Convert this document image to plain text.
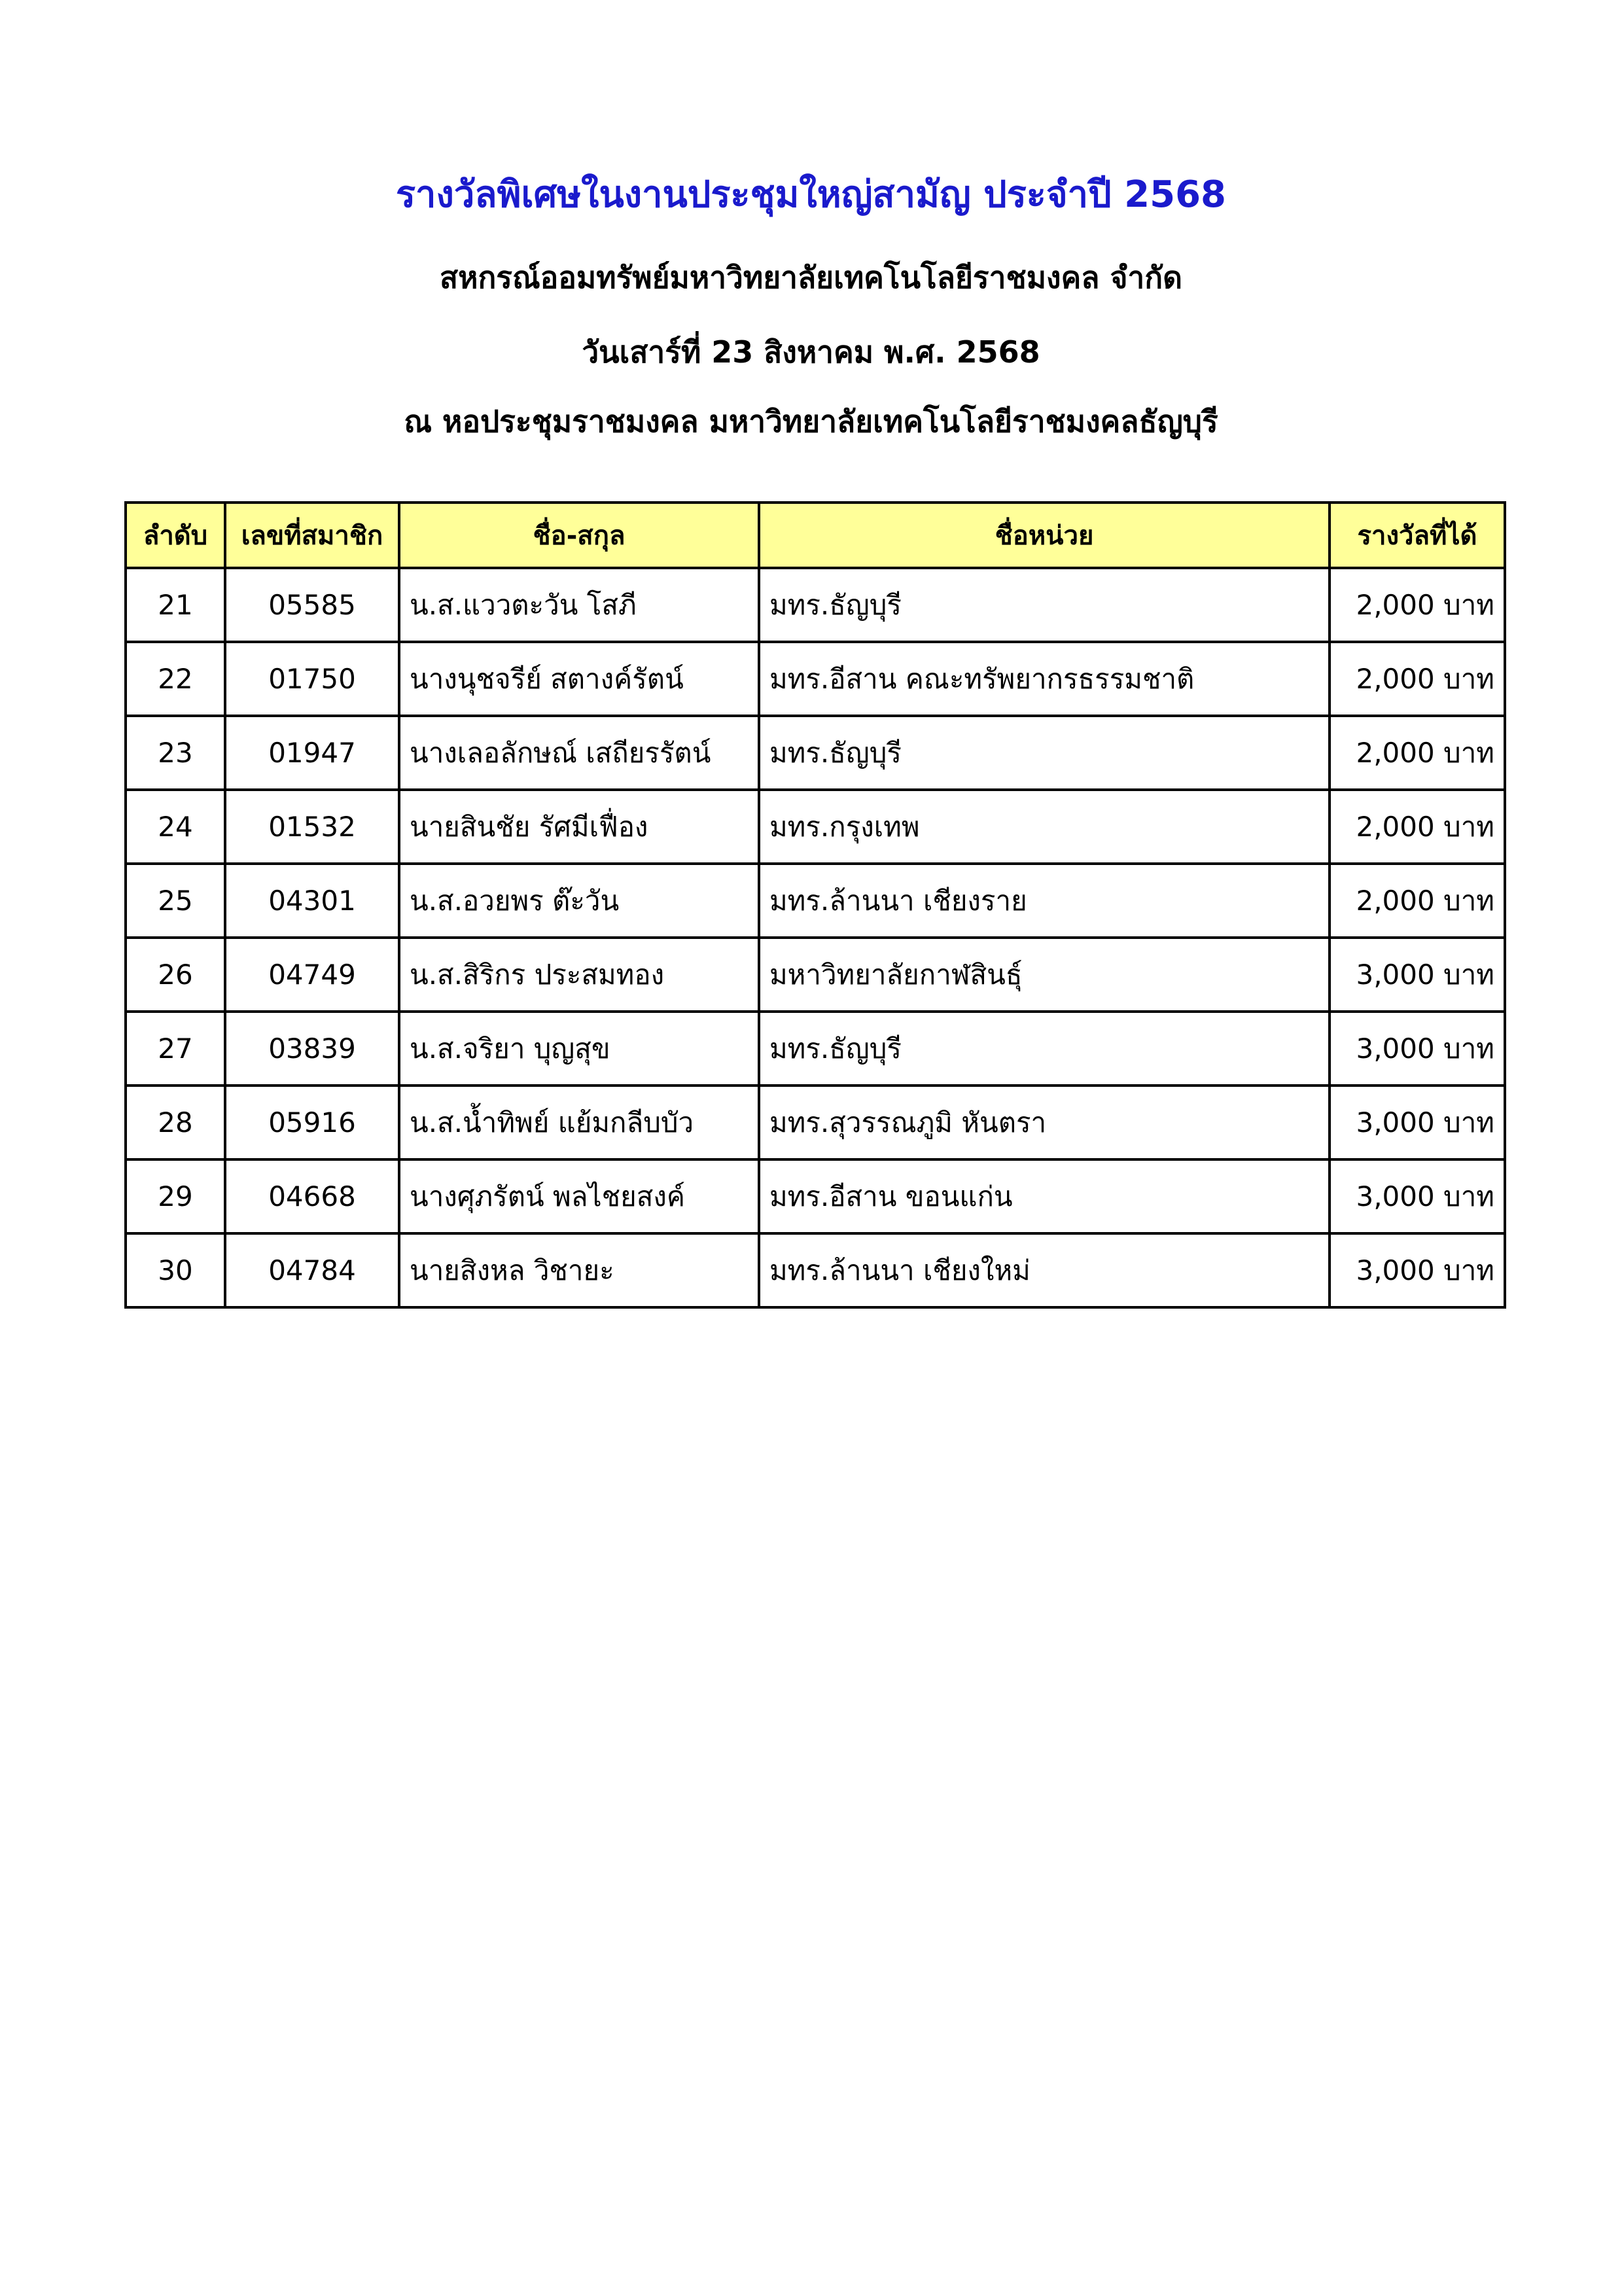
รางวัลพิเศษในงานประชุมใหญ่สามัญ ประจำปี 2568
สหกรณ์ออมทรัพย์มหาวิทยาลัยเทคโนโลยีราชมงคล จำกัด
วันเสาร์ที่ 23 สิงหาคม พ.ศ. 2568
ณ หอประชุมราชมงคล มหาวิทยาลัยเทคโนโลยีราชมงคลธัญบุรี
ลำดับ	เลขที่สมาชิก	ชื่อ-สกุล	ชื่อหน่วย	รางวัลที่ได้
21	05585	น.ส.แววตะวัน โสภี	มทร.ธัญบุรี	2,000 บาท
22	01750	นางนุชจรีย์ สตางค์รัตน์	มทร.อีสาน คณะทรัพยากรธรรมชาติ	2,000 บาท
23	01947	นางเลอลักษณ์ เสถียรรัตน์	มทร.ธัญบุรี	2,000 บาท
24	01532	นายสินชัย รัศมีเฟื่อง	มทร.กรุงเทพ	2,000 บาท
25	04301	น.ส.อวยพร ต๊ะวัน	มทร.ล้านนา เชียงราย	2,000 บาท
26	04749	น.ส.สิริกร ประสมทอง	มหาวิทยาลัยกาฬสินธุ์	3,000 บาท
27	03839	น.ส.จริยา บุญสุข	มทร.ธัญบุรี	3,000 บาท
28	05916	น.ส.น้ำทิพย์ แย้มกลีบบัว	มทร.สุวรรณภูมิ หันตรา	3,000 บาท
29	04668	นางศุภรัตน์ พลไชยสงค์	มทร.อีสาน ขอนแก่น	3,000 บาท
30	04784	นายสิงหล วิชายะ	มทร.ล้านนา เชียงใหม่	3,000 บาท
